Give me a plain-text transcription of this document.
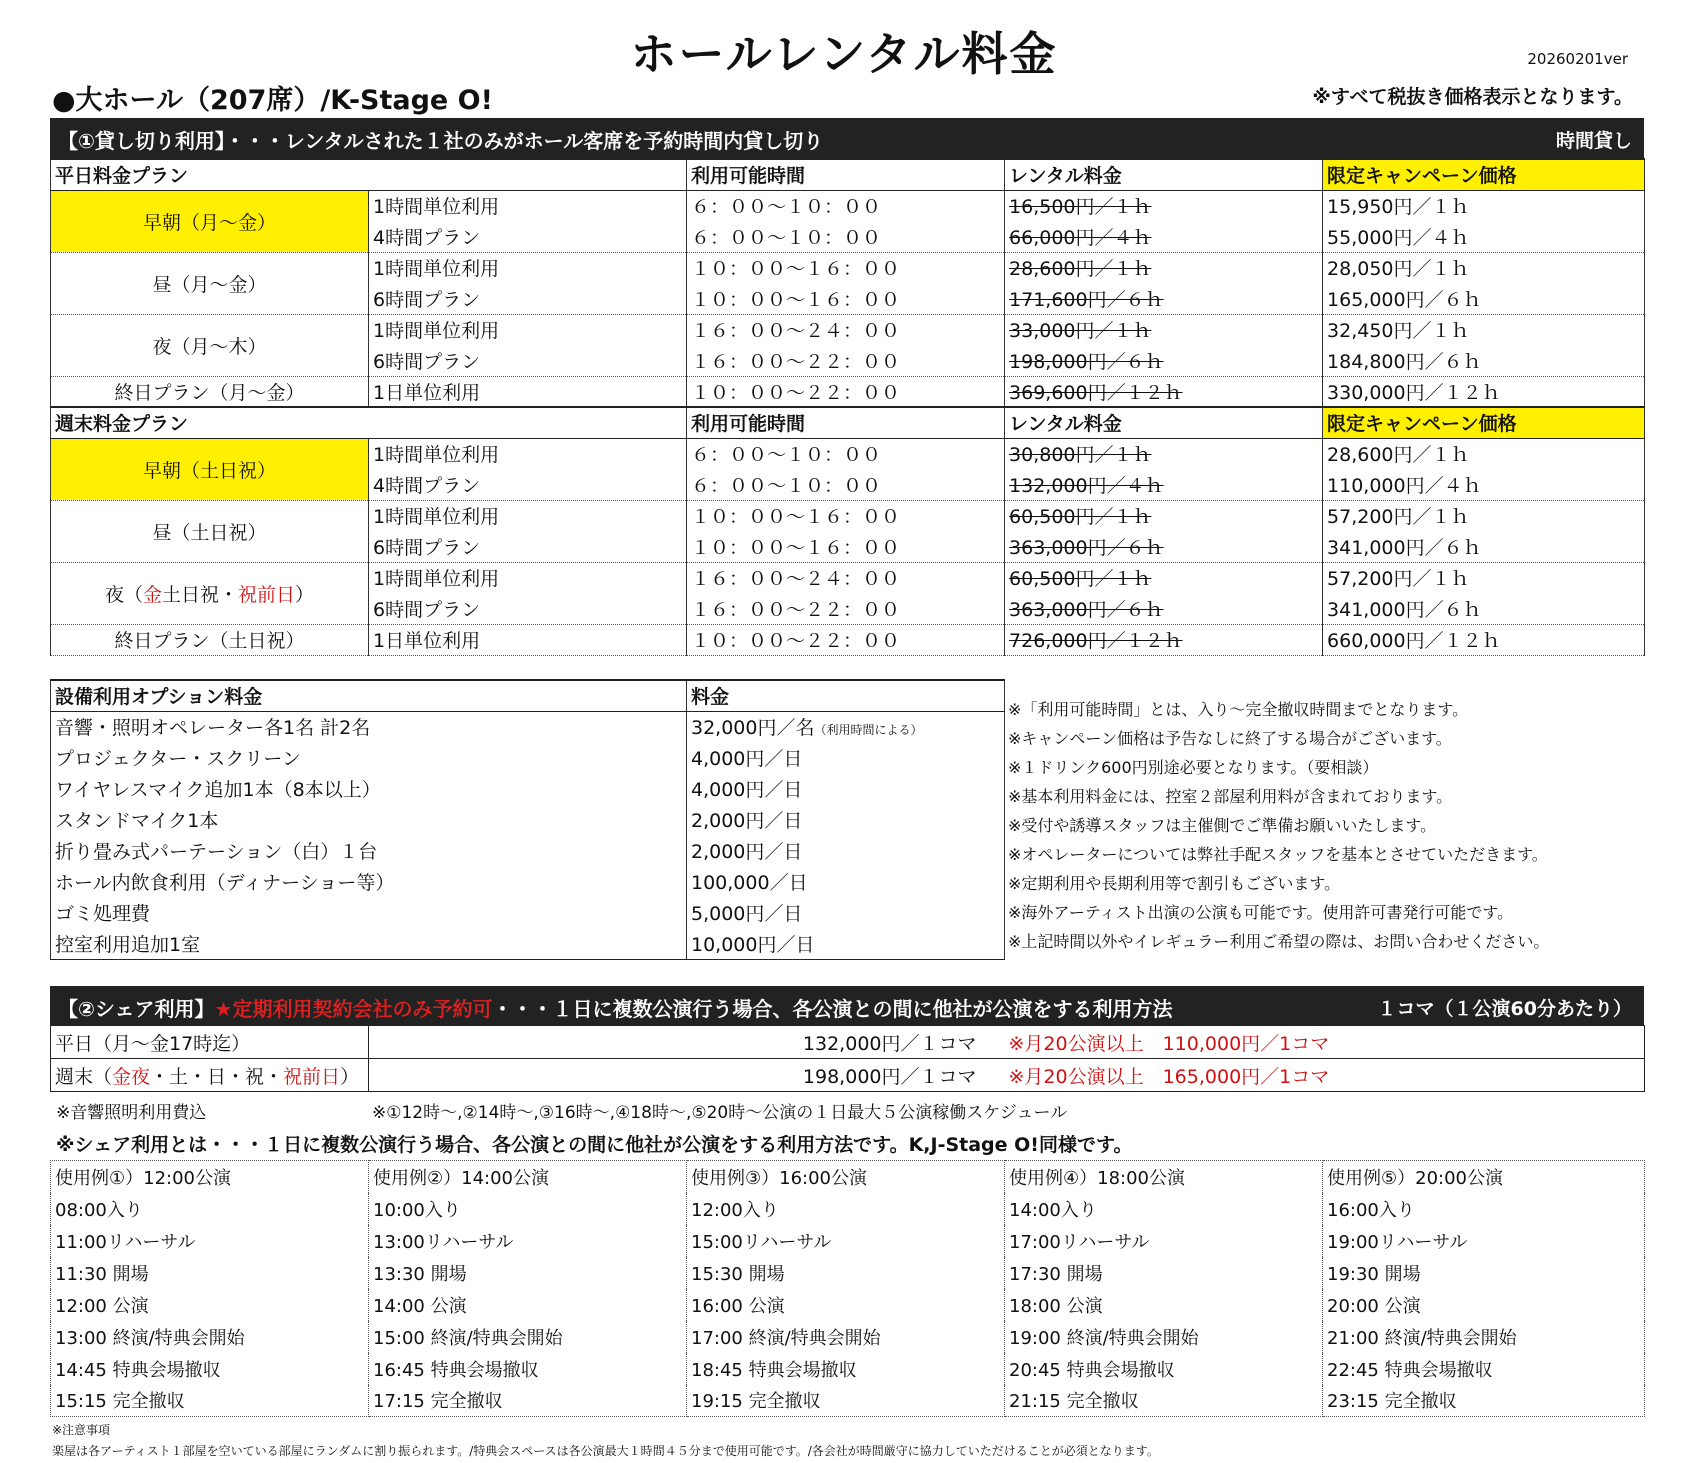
ホールレンタル料金	20260201ver
●大ホール（207席）/K-Stage O!	※すべて税抜き価格表示となります。
【①貸し切り利用】・・・レンタルされた１社のみがホール客席を予約時間内貸し切り	時間貸し
平日料金プラン		利用可能時間	レンタル料金	限定キャンペーン価格
早朝（月～金）	1時間単位利用	６：００～１０：００	16,500円／１ｈ	15,950円／１ｈ
	4時間プラン	６：００～１０：００	66,000円／４ｈ	55,000円／４ｈ
昼（月～金）	1時間単位利用	１０：００～１６：００	28,600円／１ｈ	28,050円／１ｈ
	6時間プラン	１０：００～１６：００	171,600円／６ｈ	165,000円／６ｈ
夜（月～木）	1時間単位利用	１６：００～２４：００	33,000円／１ｈ	32,450円／１ｈ
	6時間プラン	１６：００～２２：００	198,000円／６ｈ	184,800円／６ｈ
終日プラン（月～金）	1日単位利用	１０：００～２２：００	369,600円／１２ｈ	330,000円／１２ｈ
週末料金プラン		利用可能時間	レンタル料金	限定キャンペーン価格
早朝（土日祝）	1時間単位利用	６：００～１０：００	30,800円／１ｈ	28,600円／１ｈ
	4時間プラン	６：００～１０：００	132,000円／４ｈ	110,000円／４ｈ
昼（土日祝）	1時間単位利用	１０：００～１６：００	60,500円／１ｈ	57,200円／１ｈ
	6時間プラン	１０：００～１６：００	363,000円／６ｈ	341,000円／６ｈ
夜（金土日祝・祝前日）	1時間単位利用	１６：００～２４：００	60,500円／１ｈ	57,200円／１ｈ
	6時間プラン	１６：００～２２：００	363,000円／６ｈ	341,000円／６ｈ
終日プラン（土日祝）	1日単位利用	１０：００～２２：００	726,000円／１２ｈ	660,000円／１２ｈ
設備利用オプション料金	料金
音響・照明オペレーター各1名 計2名	32,000円／名（利用時間による）
プロジェクター・スクリーン	4,000円／日
ワイヤレスマイク追加1本（8本以上）	4,000円／日
スタンドマイク1本	2,000円／日
折り畳み式パーテーション（白）１台	2,000円／日
ホール内飲食利用（ディナーショー等）	100,000／日
ゴミ処理費	5,000円／日
控室利用追加1室	10,000円／日
※「利用可能時間」とは、入り～完全撤収時間までとなります。
※キャンペーン価格は予告なしに終了する場合がございます。
※１ドリンク600円別途必要となります。（要相談）
※基本利用料金には、控室２部屋利用料が含まれております。
※受付や誘導スタッフは主催側でご準備お願いいたします。
※オペレーターについては弊社手配スタッフを基本とさせていただきます。
※定期利用や長期利用等で割引もございます。
※海外アーティスト出演の公演も可能です。使用許可書発行可能です。
※上記時間以外やイレギュラー利用ご希望の際は、お問い合わせください。
【②シェア利用】★定期利用契約会社のみ予約可・・・１日に複数公演行う場合、各公演との間に他社が公演をする利用方法	１コマ（１公演60分あたり）
平日（月～金17時迄）	132,000円／１コマ	※月20公演以上　110,000円／1コマ
週末（金夜・土・日・祝・祝前日）	198,000円／１コマ	※月20公演以上　165,000円／1コマ
※音響照明利用費込	※①12時～,②14時～,③16時～,④18時～,⑤20時～公演の１日最大５公演稼働スケジュール
※シェア利用とは・・・１日に複数公演行う場合、各公演との間に他社が公演をする利用方法です。K,J-Stage O!同様です。
使用例①）12:00公演	使用例②）14:00公演	使用例③）16:00公演	使用例④）18:00公演	使用例⑤）20:00公演
08:00入り	10:00入り	12:00入り	14:00入り	16:00入り
11:00リハーサル	13:00リハーサル	15:00リハーサル	17:00リハーサル	19:00リハーサル
11:30 開場	13:30 開場	15:30 開場	17:30 開場	19:30 開場
12:00 公演	14:00 公演	16:00 公演	18:00 公演	20:00 公演
13:00 終演/特典会開始	15:00 終演/特典会開始	17:00 終演/特典会開始	19:00 終演/特典会開始	21:00 終演/特典会開始
14:45 特典会場撤収	16:45 特典会場撤収	18:45 特典会場撤収	20:45 特典会場撤収	22:45 特典会場撤収
15:15 完全撤収	17:15 完全撤収	19:15 完全撤収	21:15 完全撤収	23:15 完全撤収
※注意事項
楽屋は各アーティスト１部屋を空いている部屋にランダムに割り振られます。/特典会スペースは各公演最大１時間４５分まで使用可能です。/各会社が時間厳守に協力していただけることが必須となります。
